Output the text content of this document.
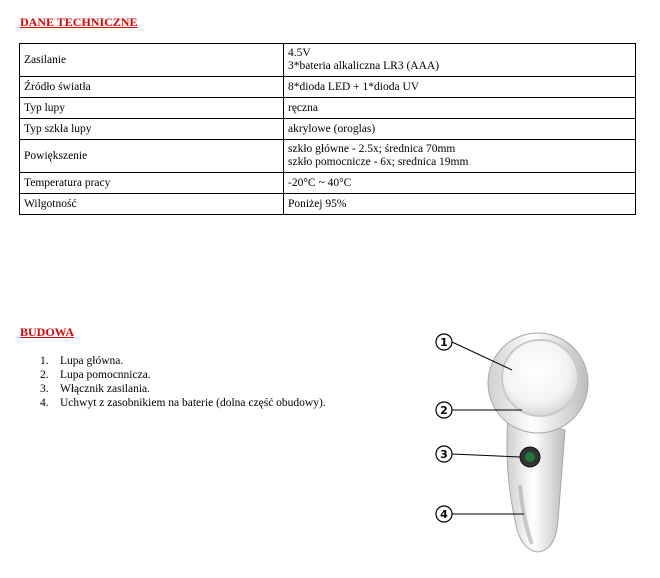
DANE TECHNICZNE
Zasilanie	4.5V
3*bateria alkaliczna LR3 (AAA)

Źródło światła	8*dioda LED + 1*dioda UV
Typ lupy	ręczna
Typ szkła lupy	akrylowe (oroglas)
Powiększenie	szkło główne - 2.5x; średnica 70mm
szkło pomocnicze - 6x; srednica 19mm

Temperatura pracy	-20°C ~ 40°C
Wilgotność	Poniżej 95%
BUDOWA
1. Lupa główna.
2. Lupa pomocnnicza.
3. Włącznik zasilania.
4. Uchwyt z zasobnikiem na baterie (dolna część obudowy).
1
2
3
4
